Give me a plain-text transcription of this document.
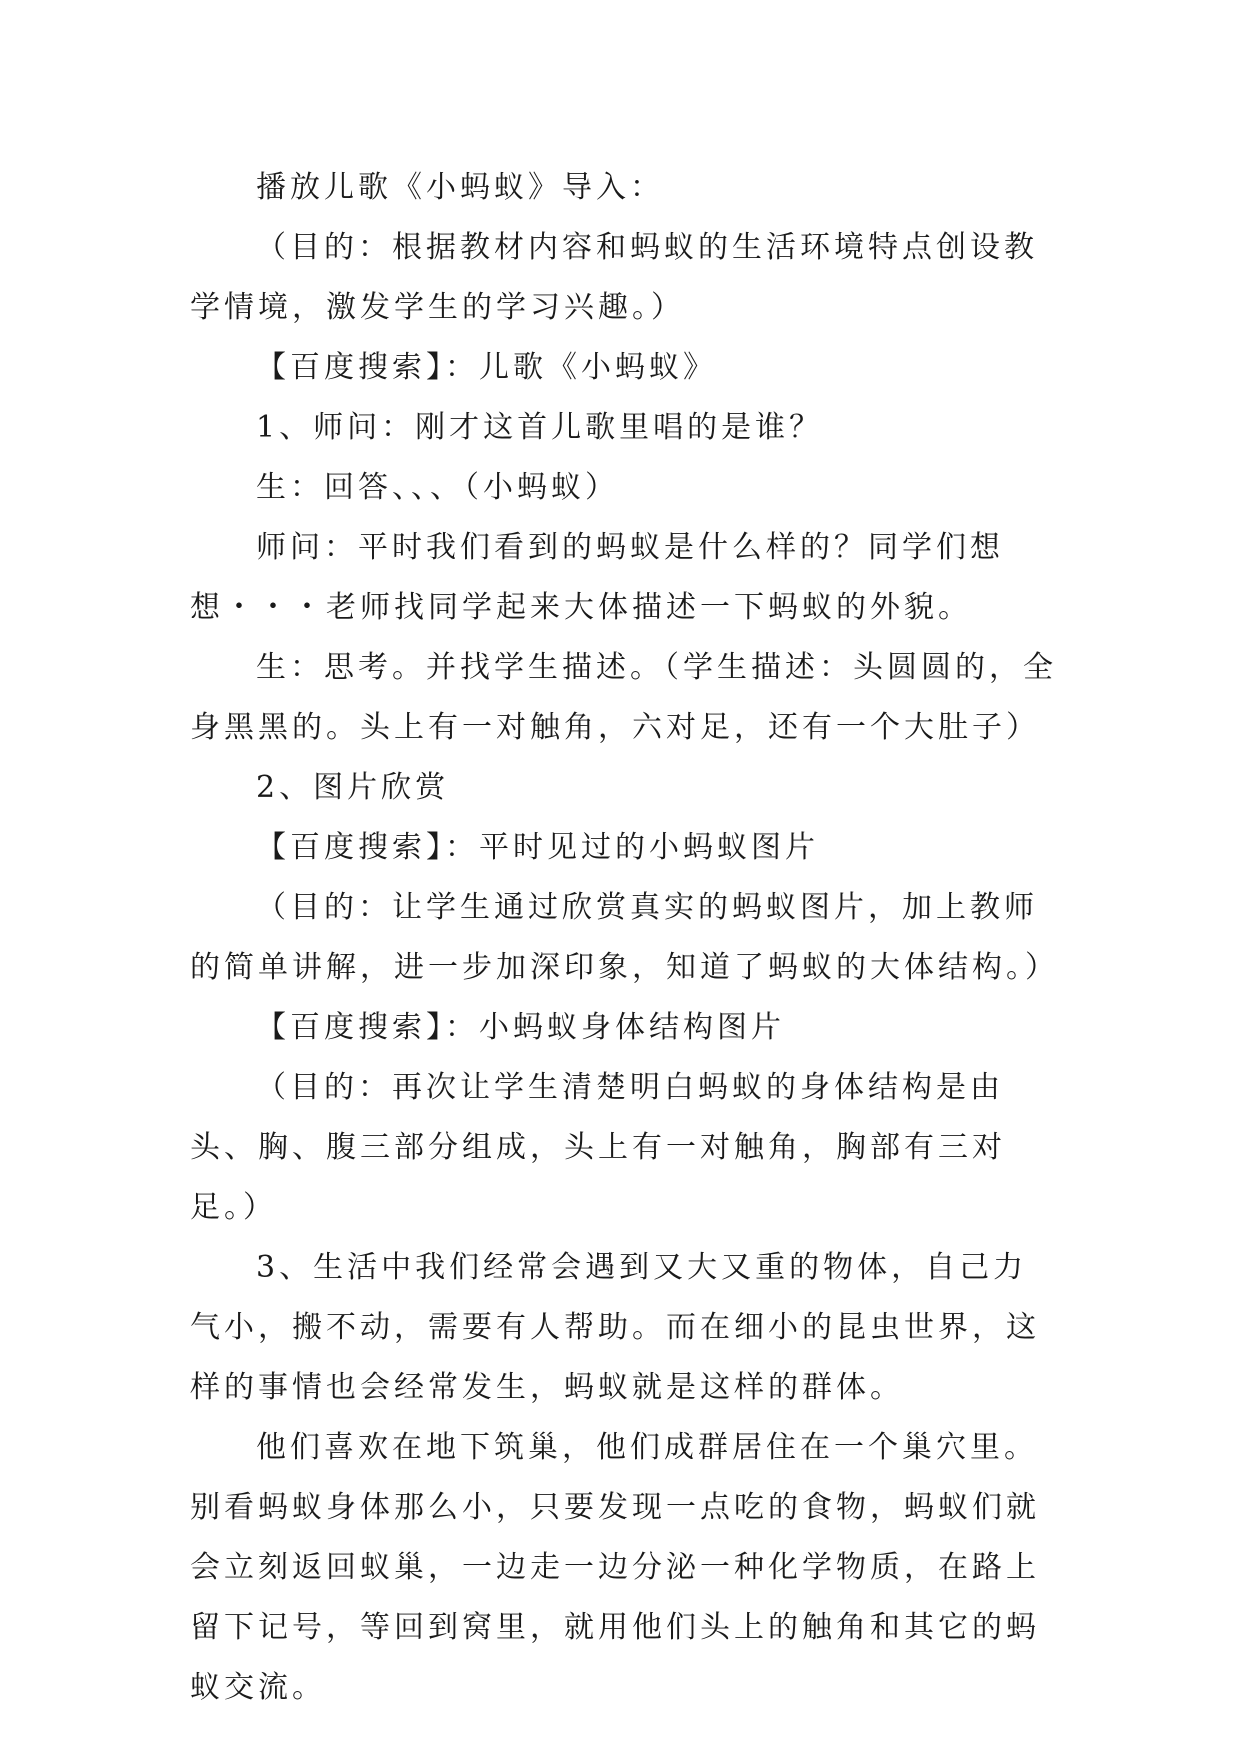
播放儿歌《小蚂蚁》导入：

（目的：根据教材内容和蚂蚁的生活环境特点创设教学情境，激发学生的学习兴趣。）

【百度搜索】：儿歌《小蚂蚁》

1、师问：刚才这首儿歌里唱的是谁？

生：回答、、、（小蚂蚁）

师问：平时我们看到的蚂蚁是什么样的？同学们想想・・・老师找同学起来大体描述一下蚂蚁的外貌。

生：思考。并找学生描述。（学生描述：头圆圆的，全身黑黑的。头上有一对触角，六对足，还有一个大肚子）

2、图片欣赏

【百度搜索】：平时见过的小蚂蚁图片

（目的：让学生通过欣赏真实的蚂蚁图片，加上教师的简单讲解，进一步加深印象，知道了蚂蚁的大体结构。）

【百度搜索】：小蚂蚁身体结构图片

（目的：再次让学生清楚明白蚂蚁的身体结构是由头、胸、腹三部分组成，头上有一对触角，胸部有三对足。）

3、生活中我们经常会遇到又大又重的物体，自己力气小，搬不动，需要有人帮助。而在细小的昆虫世界，这样的事情也会经常发生，蚂蚁就是这样的群体。

他们喜欢在地下筑巢，他们成群居住在一个巢穴里。别看蚂蚁身体那么小，只要发现一点吃的食物，蚂蚁们就会立刻返回蚁巢，一边走一边分泌一种化学物质，在路上留下记号，等回到窝里，就用他们头上的触角和其它的蚂蚁交流。
